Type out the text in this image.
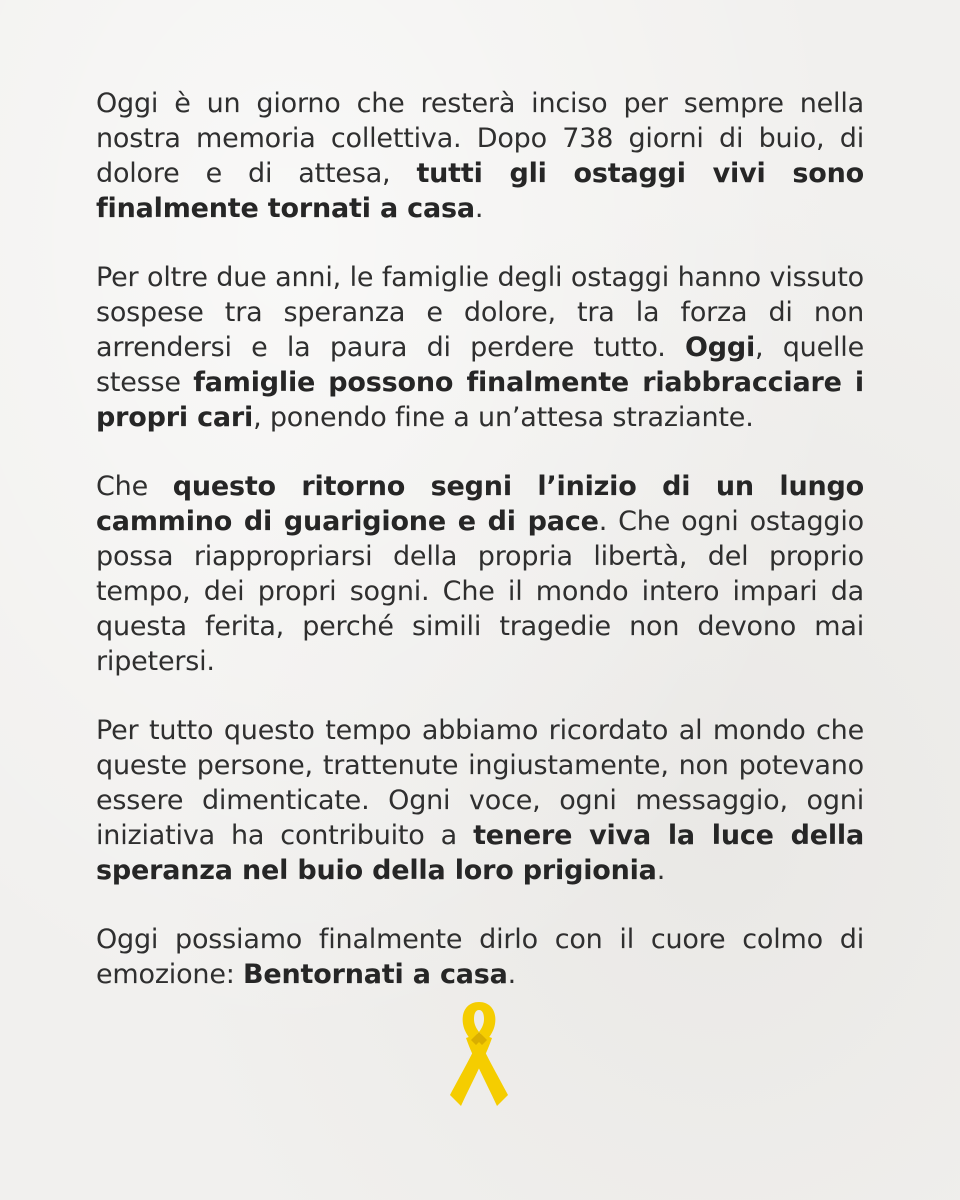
Oggi è un giorno che resterà inciso per sempre nella nostra memoria collettiva. Dopo 738 giorni di buio, di dolore e di attesa, tutti gli ostaggi vivi sono finalmente tornati a casa.

Per oltre due anni, le famiglie degli ostaggi hanno vissuto sospese tra speranza e dolore, tra la forza di non arrendersi e la paura di perdere tutto. Oggi, quelle stesse famiglie possono finalmente riabbracciare i propri cari, ponendo fine a un’attesa straziante.

Che questo ritorno segni l’inizio di un lungo cammino di guarigione e di pace. Che ogni ostaggio possa riappropriarsi della propria libertà, del proprio tempo, dei propri sogni. Che il mondo intero impari da questa ferita, perché simili tragedie non devono mai ripetersi.

Per tutto questo tempo abbiamo ricordato al mondo che queste persone, trattenute ingiustamente, non potevano essere dimenticate. Ogni voce, ogni messaggio, ogni iniziativa ha contribuito a tenere viva la luce della speranza nel buio della loro prigionia.

Oggi possiamo finalmente dirlo con il cuore colmo di emozione: Bentornati a casa.
